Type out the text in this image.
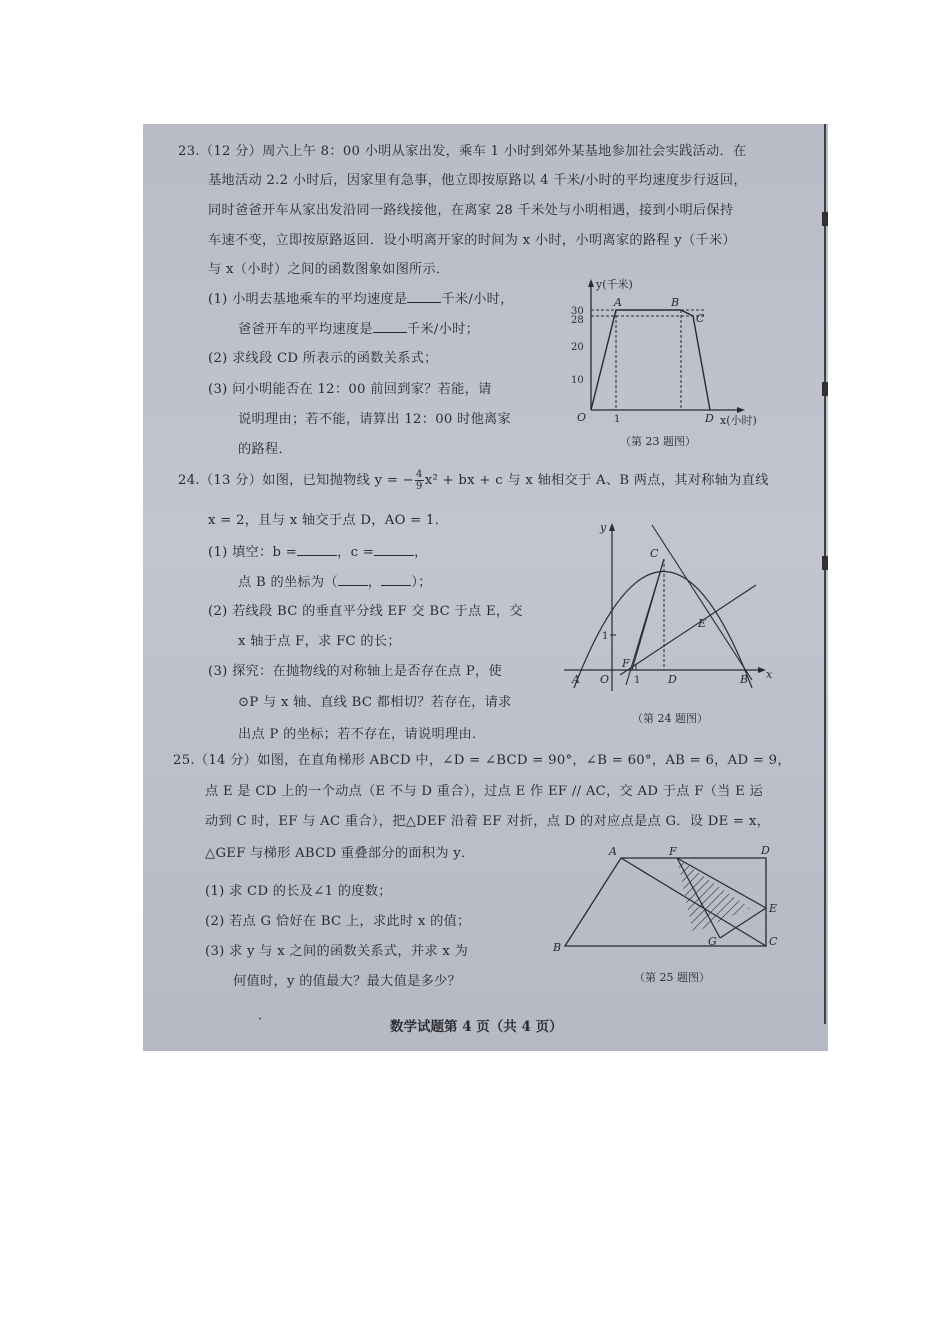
23.（12 分）周六上午 8：00 小明从家出发，乘车 1 小时到郊外某基地参加社会实践活动．在
基地活动 2.2 小时后，因家里有急事，他立即按原路以 4 千米/小时的平均速度步行返回，
同时爸爸开车从家出发沿同一路线接他，在离家 28 千米处与小明相遇，接到小明后保持
车速不变，立即按原路返回．设小明离开家的时间为 x 小时，小明离家的路程 y（千米）
与 x（小时）之间的函数图象如图所示．
(1) 小明去基地乘车的平均速度是	千米/小时，
爸爸开车的平均速度是	千米/小时；
(2) 求线段 CD 所表示的函数关系式；
(3) 问小明能否在 12：00 前回到家？若能，请
说明理由；若不能，请算出 12：00 时他离家
的路程．
y(千米)
x(小时)
30
28
20
10
1
A	B
C
O	D
（第 23 题图）
24.（13 分）如图，已知抛物线 y = − $\frac{4}{9} x^2$ + bx + c 与 x 轴相交于 A、B 两点，其对称轴为直线
x = 2，且与 x 轴交于点 D，AO = 1．
(1) 填空：b =	，c =	，
点 B 的坐标为（ ， ）；
(2) 若线段 BC 的垂直平分线 EF 交 BC 于点 E，交
x 轴于点 F，求 FC 的长；
(3) 探究：在抛物线的对称轴上是否存在点 P，使
⊙P 与 x 轴、直线 BC 都相切？若存在，请求
出点 P 的坐标；若不存在，请说明理由．
y
x
C
E
F
A O 1	D	B
1
（第 24 题图）
25.（14 分）如图，在直角梯形 ABCD 中，∠D = ∠BCD = 90°，∠B = 60°，AB = 6，AD = 9，
点 E 是 CD 上的一个动点（E 不与 D 重合），过点 E 作 EF // AC，交 AD 于点 F（当 E 运
动到 C 时，EF 与 AC 重合），把△DEF 沿着 EF 对折，点 D 的对应点是点 G．设 DE = x，
△GEF 与梯形 ABCD 重叠部分的面积为 y．
(1) 求 CD 的长及∠1 的度数；
(2) 若点 G 恰好在 BC 上，求此时 x 的值；
(3) 求 y 与 x 之间的函数关系式，并求 x 为
何值时，y 的值最大？最大值是多少？
A	F	D
E
G
B	C
（第 25 题图）
·	数学试题第 4 页（共 4 页）
